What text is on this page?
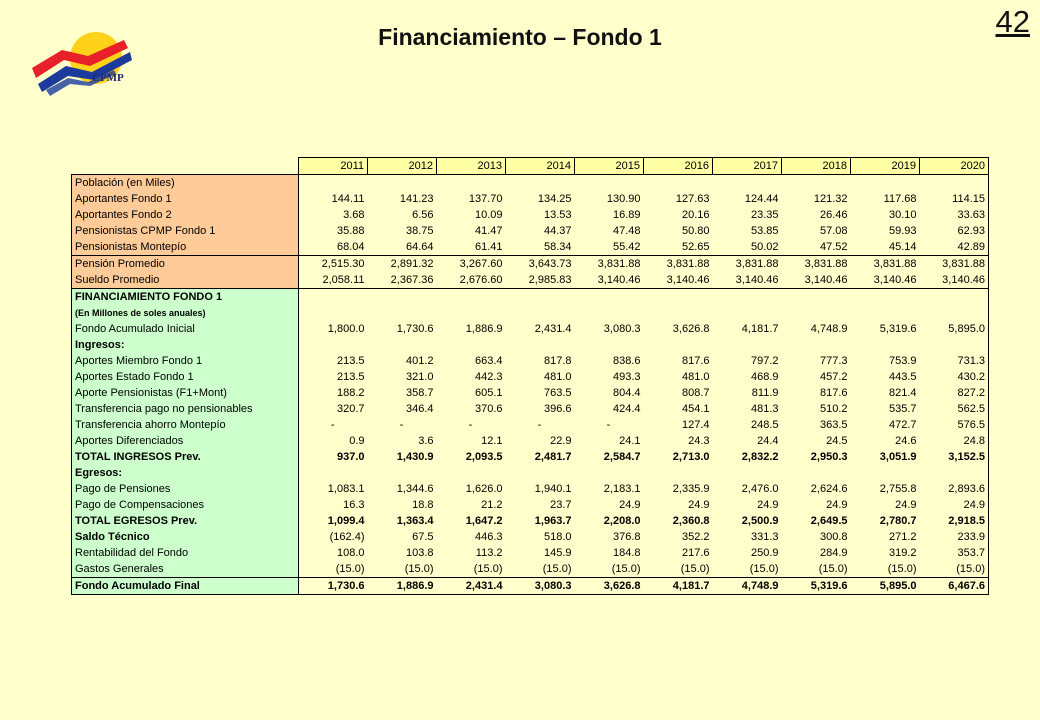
CPMP
Financiamiento – Fondo 1	42
	2011	2012	2013	2014	2015	2016	2017	2018	2019	2020
Población (en Miles)										
Aportantes Fondo 1	144.11	141.23	137.70	134.25	130.90	127.63	124.44	121.32	117.68	114.15
Aportantes Fondo 2	3.68	6.56	10.09	13.53	16.89	20.16	23.35	26.46	30.10	33.63
Pensionistas CPMP Fondo 1	35.88	38.75	41.47	44.37	47.48	50.80	53.85	57.08	59.93	62.93
Pensionistas Montepío	68.04	64.64	61.41	58.34	55.42	52.65	50.02	47.52	45.14	42.89
Pensión Promedio	2,515.30	2,891.32	3,267.60	3,643.73	3,831.88	3,831.88	3,831.88	3,831.88	3,831.88	3,831.88
Sueldo Promedio	2,058.11	2,367.36	2,676.60	2,985.83	3,140.46	3,140.46	3,140.46	3,140.46	3,140.46	3,140.46
FINANCIAMIENTO FONDO 1										
(En Millones de soles anuales)										
Fondo Acumulado Inicial	1,800.0	1,730.6	1,886.9	2,431.4	3,080.3	3,626.8	4,181.7	4,748.9	5,319.6	5,895.0
Ingresos:										
Aportes Miembro Fondo 1	213.5	401.2	663.4	817.8	838.6	817.6	797.2	777.3	753.9	731.3
Aportes Estado Fondo 1	213.5	321.0	442.3	481.0	493.3	481.0	468.9	457.2	443.5	430.2
Aporte Pensionistas (F1+Mont)	188.2	358.7	605.1	763.5	804.4	808.7	811.9	817.6	821.4	827.2
Transferencia pago no pensionables	320.7	346.4	370.6	396.6	424.4	454.1	481.3	510.2	535.7	562.5
Transferencia ahorro Montepío	-	-	-	-	-	127.4	248.5	363.5	472.7	576.5
Aportes Diferenciados	0.9	3.6	12.1	22.9	24.1	24.3	24.4	24.5	24.6	24.8
TOTAL INGRESOS Prev.	937.0	1,430.9	2,093.5	2,481.7	2,584.7	2,713.0	2,832.2	2,950.3	3,051.9	3,152.5
Egresos:										
Pago de Pensiones	1,083.1	1,344.6	1,626.0	1,940.1	2,183.1	2,335.9	2,476.0	2,624.6	2,755.8	2,893.6
Pago de Compensaciones	16.3	18.8	21.2	23.7	24.9	24.9	24.9	24.9	24.9	24.9
TOTAL EGRESOS Prev.	1,099.4	1,363.4	1,647.2	1,963.7	2,208.0	2,360.8	2,500.9	2,649.5	2,780.7	2,918.5
Saldo Técnico	(162.4)	67.5	446.3	518.0	376.8	352.2	331.3	300.8	271.2	233.9
Rentabilidad del Fondo	108.0	103.8	113.2	145.9	184.8	217.6	250.9	284.9	319.2	353.7
Gastos Generales	(15.0)	(15.0)	(15.0)	(15.0)	(15.0)	(15.0)	(15.0)	(15.0)	(15.0)	(15.0)
Fondo Acumulado Final	1,730.6	1,886.9	2,431.4	3,080.3	3,626.8	4,181.7	4,748.9	5,319.6	5,895.0	6,467.6
